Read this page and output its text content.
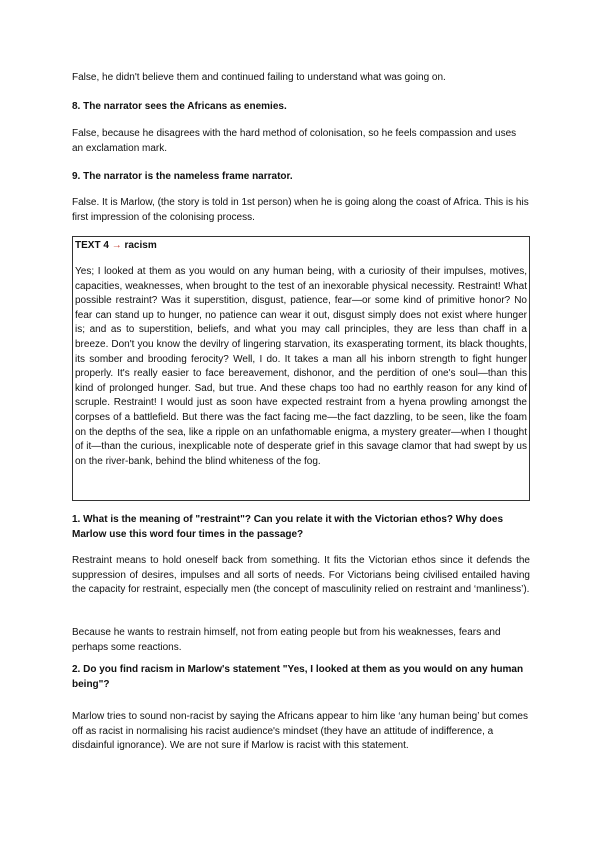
False, he didn't believe them and continued failing to understand what was going on.

8. The narrator sees the Africans as enemies.

False, because he disagrees with the hard method of colonisation, so he feels compassion and uses an exclamation mark.

9. The narrator is the nameless frame narrator.

False. It is Marlow, (the story is told in 1st person) when he is going along the coast of Africa. This is his first impression of the colonising process.

TEXT 4 → racism

Yes; I looked at them as you would on any human being, with a curiosity of their impulses, motives, capacities, weaknesses, when brought to the test of an inexorable physical necessity. Restraint! What possible restraint? Was it superstition, disgust, patience, fear—or some kind of primitive honor? No fear can stand up to hunger, no patience can wear it out, disgust simply does not exist where hunger is; and as to superstition, beliefs, and what you may call principles, they are less than chaff in a breeze. Don't you know the devilry of lingering starvation, its exasperating torment, its black thoughts, its somber and brooding ferocity? Well, I do. It takes a man all his inborn strength to fight hunger properly. It's really easier to face bereavement, dishonor, and the perdition of one's soul—than this kind of prolonged hunger. Sad, but true. And these chaps too had no earthly reason for any kind of scruple. Restraint! I would just as soon have expected restraint from a hyena prowling amongst the corpses of a battlefield. But there was the fact facing me—the fact dazzling, to be seen, like the foam on the depths of the sea, like a ripple on an unfathomable enigma, a mystery greater—when I thought of it—than the curious, inexplicable note of desperate grief in this savage clamor that had swept by us on the river-bank, behind the blind whiteness of the fog.

1. What is the meaning of "restraint"? Can you relate it with the Victorian ethos? Why does Marlow use this word four times in the passage?

Restraint means to hold oneself back from something. It fits the Victorian ethos since it defends the suppression of desires, impulses and all sorts of needs. For Victorians being civilised entailed having the capacity for restraint, especially men (the concept of masculinity relied on restraint and ‘manliness’).

Because he wants to restrain himself, not from eating people but from his weaknesses, fears and perhaps some reactions.

2. Do you find racism in Marlow's statement "Yes, I looked at them as you would on any human being"?

Marlow tries to sound non-racist by saying the Africans appear to him like ‘any human being’ but comes off as racist in normalising his racist audience's mindset (they have an attitude of indifference, a disdainful ignorance). We are not sure if Marlow is racist with this statement.
